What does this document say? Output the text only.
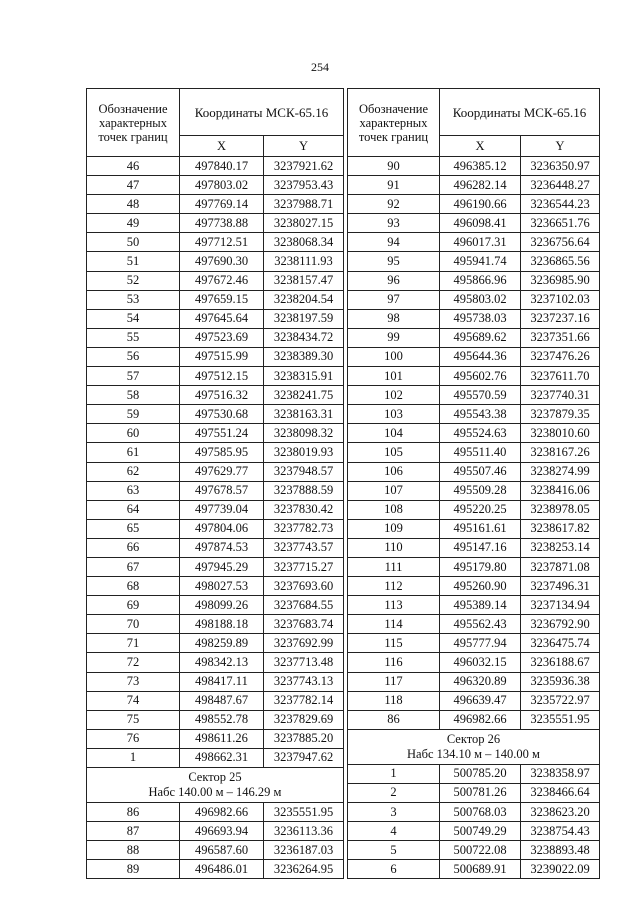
254
Обозначение характерных точек границ	Координаты МСК-65.16	
	X	Y
46	497840.17	3237921.62
47	497803.02	3237953.43
48	497769.14	3237988.71
49	497738.88	3238027.15
50	497712.51	3238068.34
51	497690.30	3238111.93
52	497672.46	3238157.47
53	497659.15	3238204.54
54	497645.64	3238197.59
55	497523.69	3238434.72
56	497515.99	3238389.30
57	497512.15	3238315.91
58	497516.32	3238241.75
59	497530.68	3238163.31
60	497551.24	3238098.32
61	497585.95	3238019.93
62	497629.77	3237948.57
63	497678.57	3237888.59
64	497739.04	3237830.42
65	497804.06	3237782.73
66	497874.53	3237743.57
67	497945.29	3237715.27
68	498027.53	3237693.60
69	498099.26	3237684.55
70	498188.18	3237683.74
71	498259.89	3237692.99
72	498342.13	3237713.48
73	498417.11	3237743.13
74	498487.67	3237782.14
75	498552.78	3237829.69
76	498611.26	3237885.20
1	498662.31	3237947.62

Сектор 25
Набс 140.00 м – 146.29 м		

86	496982.66	3235551.95
87	496693.94	3236113.36
88	496587.60	3236187.03
89	496486.01	3236264.95
Обозначение характерных точек границ	Координаты МСК-65.16	
	X	Y
90	496385.12	3236350.97
91	496282.14	3236448.27
92	496190.66	3236544.23
93	496098.41	3236651.76
94	496017.31	3236756.64
95	495941.74	3236865.56
96	495866.96	3236985.90
97	495803.02	3237102.03
98	495738.03	3237237.16
99	495689.62	3237351.66
100	495644.36	3237476.26
101	495602.76	3237611.70
102	495570.59	3237740.31
103	495543.38	3237879.35
104	495524.63	3238010.60
105	495511.40	3238167.26
106	495507.46	3238274.99
107	495509.28	3238416.06
108	495220.25	3238978.05
109	495161.61	3238617.82
110	495147.16	3238253.14
111	495179.80	3237871.08
112	495260.90	3237496.31
113	495389.14	3237134.94
114	495562.43	3236792.90
115	495777.94	3236475.74
116	496032.15	3236188.67
117	496320.89	3235936.38
118	496639.47	3235722.97
86	496982.66	3235551.95

Сектор 26
Набс 134.10 м – 140.00 м		

1	500785.20	3238358.97
2	500781.26	3238466.64
3	500768.03	3238623.20
4	500749.29	3238754.43
5	500722.08	3238893.48
6	500689.91	3239022.09
